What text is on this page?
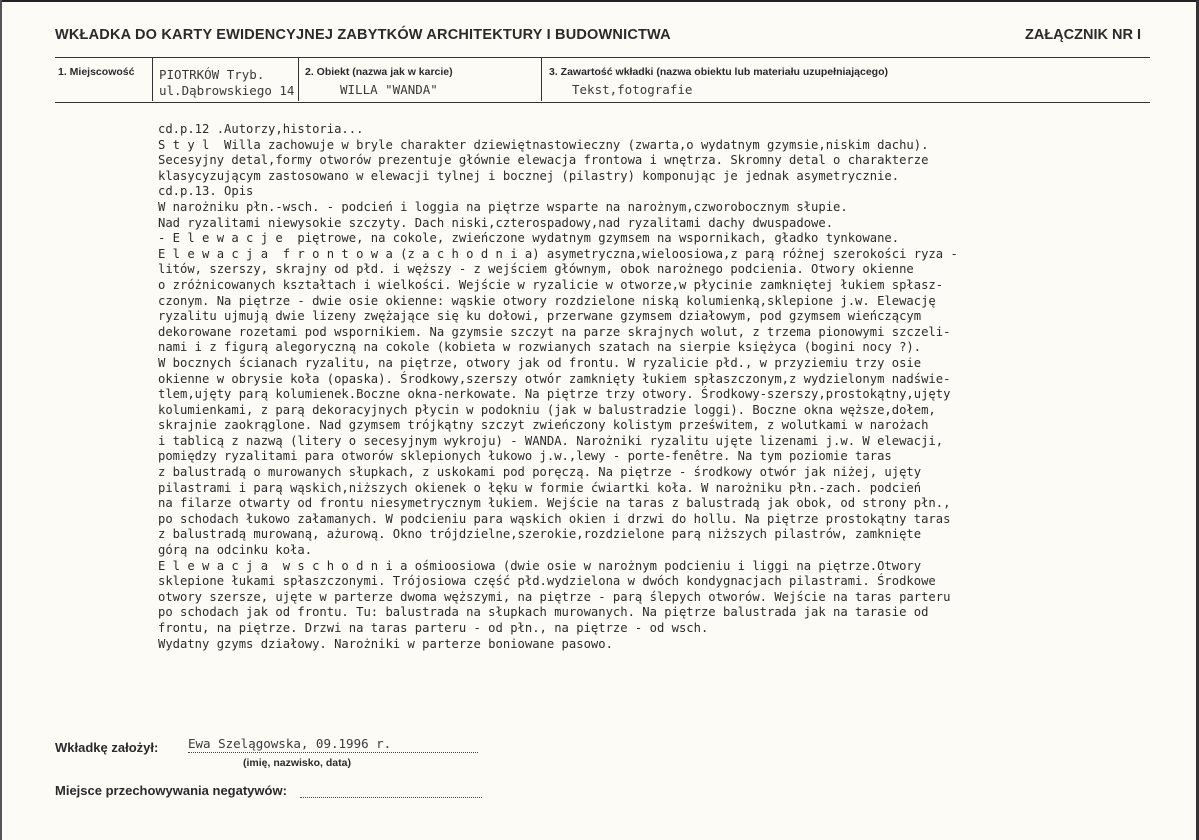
WKŁADKA DO KARTY EWIDENCYJNEJ ZABYTKÓW ARCHITEKTURY I BUDOWNICTWA	ZAŁĄCZNIK NR I
1. Miejscowość PIOTRKÓW Tryb.
ul.Dąbrowskiego 14
2. Obiekt (nazwa jak w karcie)
WILLA "WANDA"
3. Zawartość wkładki (nazwa obiektu lub materiału uzupełniającego)
Tekst,fotografie
cd.p.12 .Autorzy,historia...
S t y l  Willa zachowuje w bryle charakter dziewiętnastowieczny (zwarta,o wydatnym gzymsie,niskim dachu).
Secesyjny detal,formy otworów prezentuje głównie elewacja frontowa i wnętrza. Skromny detal o charakterze
klasycyzującym zastosowano w elewacji tylnej i bocznej (pilastry) komponując je jednak asymetrycznie.
cd.p.13. Opis
W narożniku płn.-wsch. - podcień i loggia na piętrze wsparte na narożnym,czworobocznym słupie.
Nad ryzalitami niewysokie szczyty. Dach niski,czterospadowy,nad ryzalitami dachy dwuspadowe.
- E l e w a c j e  piętrowe, na cokole, zwieńczone wydatnym gzymsem na wspornikach, gładko tynkowane.
E l e w a c j a  f r o n t o w a (z a c h o d n i a) asymetryczna,wieloosiowa,z parą różnej szerokości ryza -
litów, szerszy, skrajny od płd. i węższy - z wejściem głównym, obok narożnego podcienia. Otwory okienne
o zróżnicowanych kształtach i wielkości. Wejście w ryzalicie w otworze,w płycinie zamkniętej łukiem spłasz-
czonym. Na piętrze - dwie osie okienne: wąskie otwory rozdzielone niską kolumienką,sklepione j.w. Elewację
ryzalitu ujmują dwie lizeny zwężające się ku dołowi, przerwane gzymsem działowym, pod gzymsem wieńczącym
dekorowane rozetami pod wspornikiem. Na gzymsie szczyt na parze skrajnych wolut, z trzema pionowymi szczeli-
nami i z figurą alegoryczną na cokole (kobieta w rozwianych szatach na sierpie księżyca (bogini nocy ?).
W bocznych ścianach ryzalitu, na piętrze, otwory jak od frontu. W ryzalicie płd., w przyziemiu trzy osie
okienne w obrysie koła (opaska). Środkowy,szerszy otwór zamknięty łukiem spłaszczonym,z wydzielonym nadświe-
tlem,ujęty parą kolumienek.Boczne okna-nerkowate. Na piętrze trzy otwory. Środkowy-szerszy,prostokątny,ujęty
kolumienkami, z parą dekoracyjnych płycin w podokniu (jak w balustradzie loggi). Boczne okna węższe,dołem,
skrajnie zaokrąglone. Nad gzymsem trójkątny szczyt zwieńczony kolistym prześwitem, z wolutkami w narożach
i tablicą z nazwą (litery o secesyjnym wykroju) - WANDA. Narożniki ryzalitu ujęte lizenami j.w. W elewacji,
pomiędzy ryzalitami para otworów sklepionych łukowo j.w.,lewy - porte-fenêtre. Na tym poziomie taras
z balustradą o murowanych słupkach, z uskokami pod poręczą. Na piętrze - środkowy otwór jak niżej, ujęty
pilastrami i parą wąskich,niższych okienek o łęku w formie ćwiartki koła. W narożniku płn.-zach. podcień
na filarze otwarty od frontu niesymetrycznym łukiem. Wejście na taras z balustradą jak obok, od strony płn.,
po schodach łukowo załamanych. W podcieniu para wąskich okien i drzwi do hollu. Na piętrze prostokątny taras
z balustradą murowaną, ażurową. Okno trójdzielne,szerokie,rozdzielone parą niższych pilastrów, zamknięte
górą na odcinku koła.
E l e w a c j a  w s c h o d n i a ośmioosiowa (dwie osie w narożnym podcieniu i liggi na piętrze.Otwory
sklepione łukami spłaszczonymi. Trójosiowa część płd.wydzielona w dwóch kondygnacjach pilastrami. Środkowe
otwory szersze, ujęte w parterze dwoma węższymi, na piętrze - parą ślepych otworów. Wejście na taras parteru
po schodach jak od frontu. Tu: balustrada na słupkach murowanych. Na piętrze balustrada jak na tarasie od
frontu, na piętrze. Drzwi na taras parteru - od płn., na piętrze - od wsch.
Wydatny gzyms działowy. Narożniki w parterze boniowane pasowo.
Wkładkę założył: Ewa Szelągowska, 09.1996 r.
(imię, nazwisko, data)
Miejsce przechowywania negatywów:
